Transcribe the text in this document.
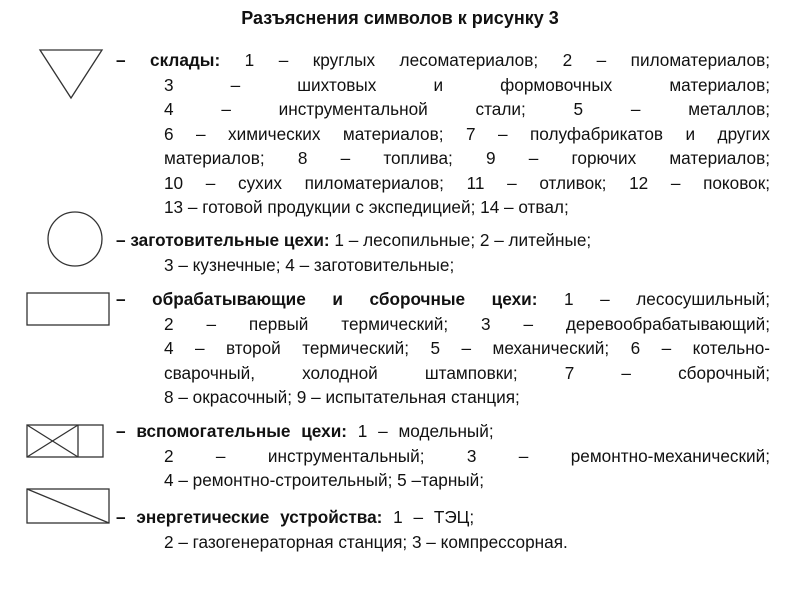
Разъяснения символов к рисунку 3
– склады: 1 – круглых лесоматериалов; 2 – пиломатериалов;
3 – шихтовых и формовочных материалов;
4 – инструментальной стали; 5 – металлов;
6 – химических материалов; 7 – полуфабрикатов и других
материалов; 8 – топлива; 9 – горючих материалов;
10 – сухих пиломатериалов; 11 – отливок; 12 – поковок;
13 – готовой продукции с экспедицией; 14 – отвал;
– заготовительные цехи: 1 – лесопильные; 2 – литейные;
3 – кузнечные; 4 – заготовительные;
– обрабатывающие и сборочные цехи: 1 – лесосушильный;
2 – первый термический; 3 – деревообрабатывающий;
4 – второй термический; 5 – механический; 6 – котельно-
сварочный, холодной штамповки; 7 – сборочный;
8 – окрасочный; 9 – испытательная станция;
– вспомогательные цехи: 1 – модельный;
2 – инструментальный; 3 – ремонтно-механический;
4 – ремонтно-строительный; 5 –тарный;
– энергетические устройства: 1 – ТЭЦ;
2 – газогенераторная станция; 3 – компрессорная.
